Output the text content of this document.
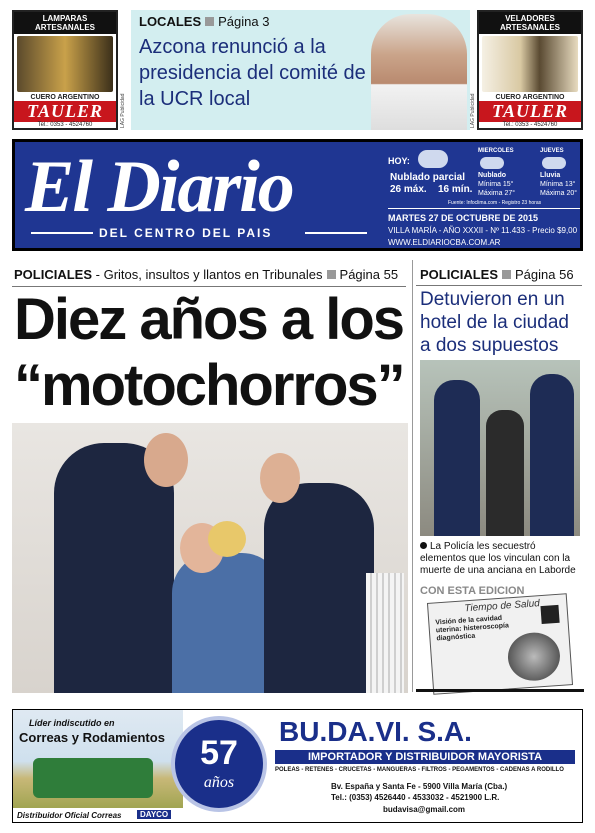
LAMPARAS ARTESANALES
CUERO ARGENTINO
TAULER
Tel.: 0353 - 4524760	LAG Publicidad
LOCALES Página 3
Azcona renunció a la presidencia del comité de la UCR local
VELADORES ARTESANALES
CUERO ARGENTINO
TAULER
Tel.: 0353 - 4524760
LAG Publicidad
El Diario
DEL CENTRO DEL PAIS
HOY:
Nublado parcial
26 máx. 16 mín.
MIERCOLES
Nublado
Mínima 15°
Máxima 27°
JUEVES
Lluvia
Mínima 13°
Máxima 20°
Fuente: Infoclima.com - Registro 23 horas
MARTES 27 DE OCTUBRE DE 2015
VILLA MARÍA - AÑO XXXII - Nº 11.433 - Precio $9,00
WWW.ELDIARIOCBA.COM.AR
POLICIALES - Gritos, insultos y llantos en Tribunales Página 55
Diez años a los
“motochorros”
POLICIALES Página 56
Detuvieron en un hotel de la ciudad a dos supuestos
La Policía les secuestró elementos que los vinculan con la muerte de una anciana en Laborde
CON ESTA EDICION
Tiempo de Salud
Visión de la cavidad uterina: histeroscopía diagnóstica
Líder indiscutido en
Correas y Rodamientos
Distribuidor Oficial Correas	DAYCO
57
años
BU.DA.VI. S.A.
IMPORTADOR Y DISTRIBUIDOR MAYORISTA
POLEAS - RETENES - CRUCETAS - MANGUERAS - FILTROS - PEGAMENTOS - CADENAS A RODILLO
Bv. España y Santa Fe - 5900 Villa María (Cba.)
Tel.: (0353) 4526440 - 4533032 - 4521900 L.R.
budavisa@gmail.com
